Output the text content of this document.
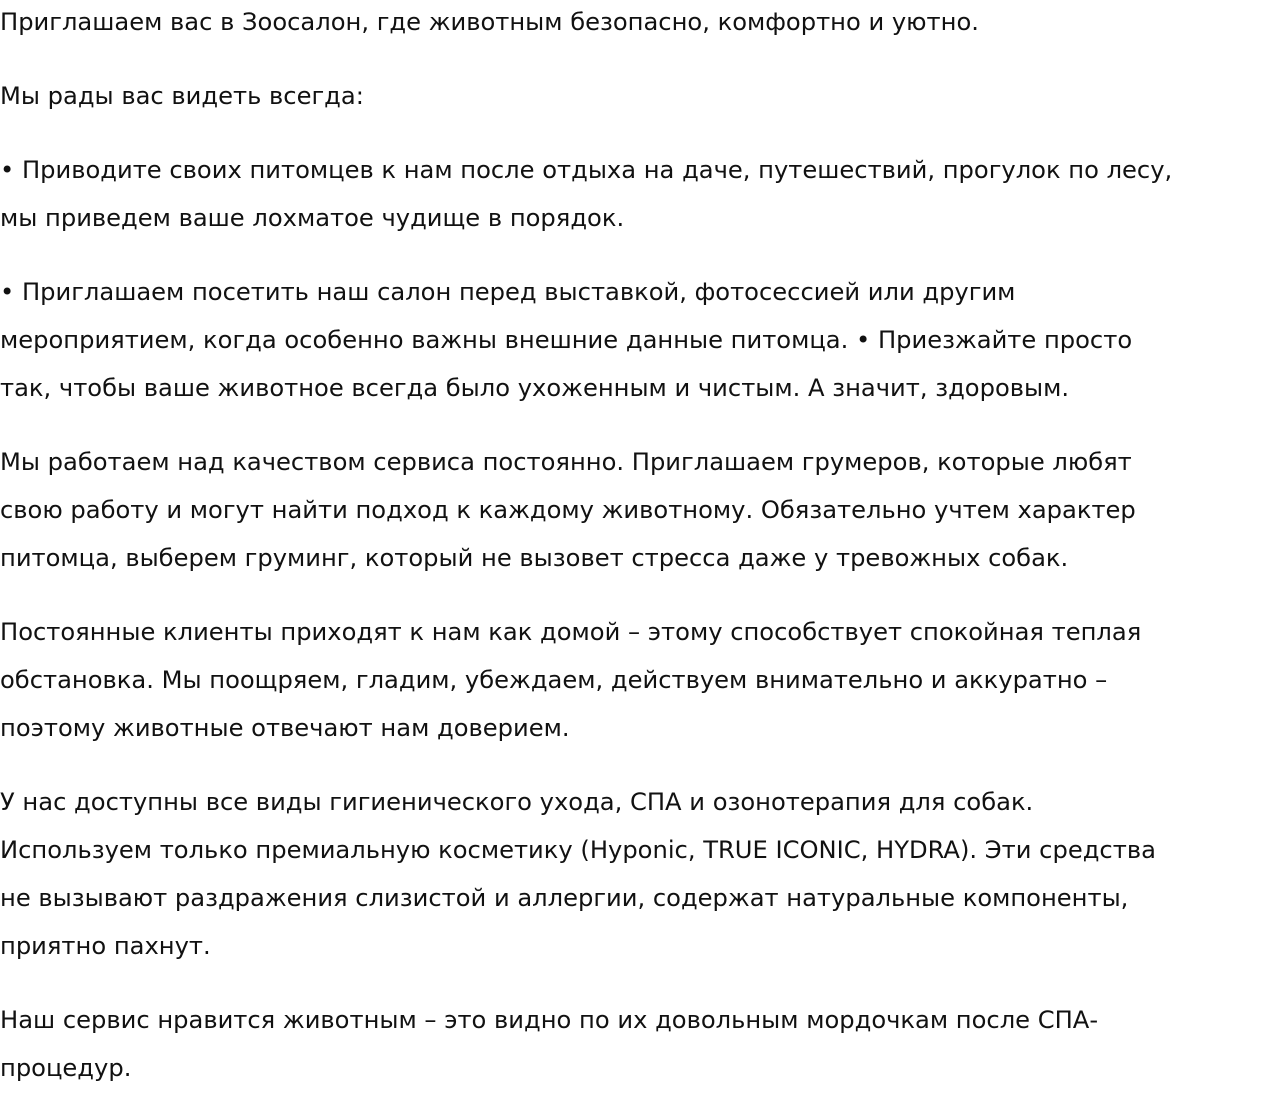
Приглашаем вас в Зоосалон, где животным безопасно, комфортно и уютно.

Мы рады вас видеть всегда:

• Приводите своих питомцев к нам после отдыха на даче, путешествий, прогулок по лесу,
мы приведем ваше лохматое чудище в порядок.

• Приглашаем посетить наш салон перед выставкой, фотосессией или другим
мероприятием, когда особенно важны внешние данные питомца. • Приезжайте просто
так, чтобы ваше животное всегда было ухоженным и чистым. А значит, здоровым.

Мы работаем над качеством сервиса постоянно. Приглашаем грумеров, которые любят
свою работу и могут найти подход к каждому животному. Обязательно учтем характер
питомца, выберем груминг, который не вызовет стресса даже у тревожных собак.

Постоянные клиенты приходят к нам как домой – этому способствует спокойная теплая
обстановка. Мы поощряем, гладим, убеждаем, действуем внимательно и аккуратно –
поэтому животные отвечают нам доверием.

У нас доступны все виды гигиенического ухода, СПА и озонотерапия для собак.
Используем только премиальную косметику (Hyponic, TRUE ICONIC, HYDRA). Эти средства
не вызывают раздражения слизистой и аллергии, содержат натуральные компоненты,
приятно пахнут.

Наш сервис нравится животным – это видно по их довольным мордочкам после СПА-
процедур.
